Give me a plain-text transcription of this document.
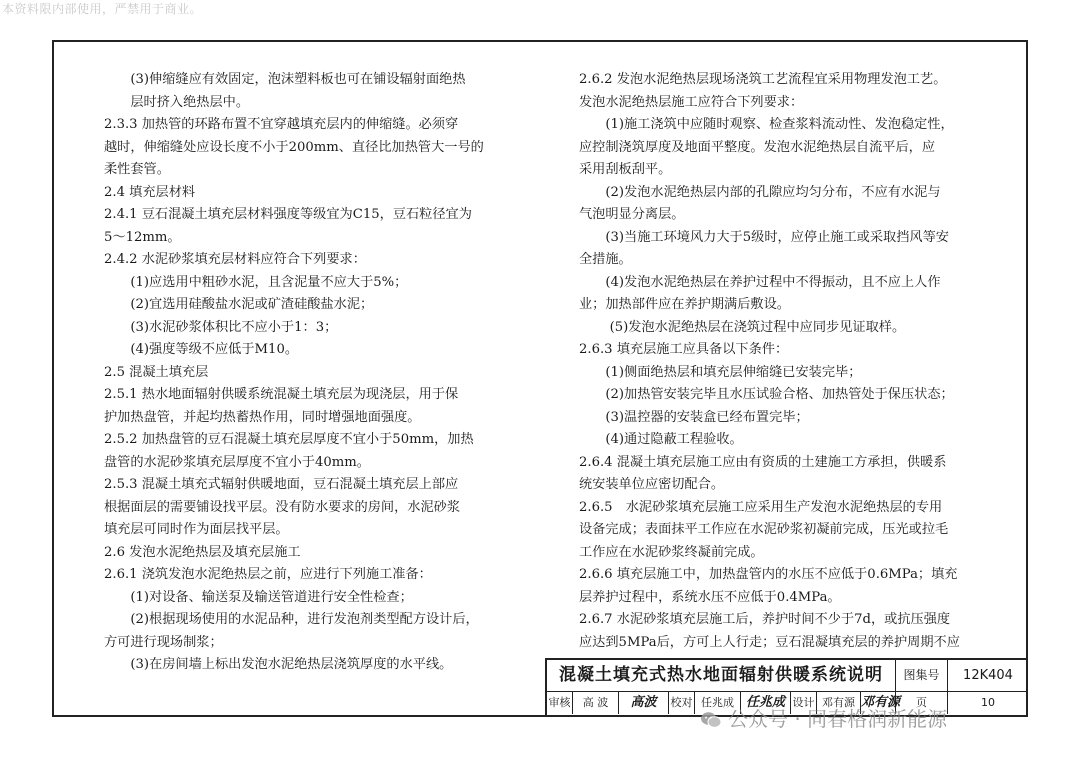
本资料限内部使用，严禁用于商业。
　　(3)伸缩缝应有效固定，泡沫塑料板也可在铺设辐射面绝热
　　层时挤入绝热层中。
2.3.3 加热管的环路布置不宜穿越填充层内的伸缩缝。必须穿
越时，伸缩缝处应设长度不小于200mm、直径比加热管大一号的
柔性套管。
2.4 填充层材料
2.4.1 豆石混凝土填充层材料强度等级宜为C15，豆石粒径宜为
5～12mm。
2.4.2 水泥砂浆填充层材料应符合下列要求：
　　(1)应选用中粗砂水泥，且含泥量不应大于5%；
　　(2)宜选用硅酸盐水泥或矿渣硅酸盐水泥；
　　(3)水泥砂浆体积比不应小于1：3；
　　(4)强度等级不应低于M10。
2.5 混凝土填充层
2.5.1 热水地面辐射供暖系统混凝土填充层为现浇层，用于保
护加热盘管，并起均热蓄热作用，同时增强地面强度。
2.5.2 加热盘管的豆石混凝土填充层厚度不宜小于50mm，加热
盘管的水泥砂浆填充层厚度不宜小于40mm。
2.5.3 混凝土填充式辐射供暖地面，豆石混凝土填充层上部应
根据面层的需要铺设找平层。没有防水要求的房间，水泥砂浆
填充层可同时作为面层找平层。
2.6 发泡水泥绝热层及填充层施工
2.6.1 浇筑发泡水泥绝热层之前，应进行下列施工准备：
　　(1)对设备、输送泵及输送管道进行安全性检查；
　　(2)根据现场使用的水泥品种，进行发泡剂类型配方设计后，
方可进行现场制浆；
　　(3)在房间墙上标出发泡水泥绝热层浇筑厚度的水平线。
2.6.2 发泡水泥绝热层现场浇筑工艺流程宜采用物理发泡工艺。
发泡水泥绝热层施工应符合下列要求：
　　(1)施工浇筑中应随时观察、检查浆料流动性、发泡稳定性，
应控制浇筑厚度及地面平整度。发泡水泥绝热层自流平后，应
采用刮板刮平。
　　(2)发泡水泥绝热层内部的孔隙应均匀分布，不应有水泥与
气泡明显分离层。
　　(3)当施工环境风力大于5级时，应停止施工或采取挡风等安
全措施。
　　(4)发泡水泥绝热层在养护过程中不得振动，且不应上人作
业；加热部件应在养护期满后敷设。
　　 (5)发泡水泥绝热层在浇筑过程中应同步见证取样。
2.6.3 填充层施工应具备以下条件：
　　(1)侧面绝热层和填充层伸缩缝已安装完毕；
　　(2)加热管安装完毕且水压试验合格、加热管处于保压状态；
　　(3)温控器的安装盒已经布置完毕；
　　(4)通过隐蔽工程验收。
2.6.4 混凝土填充层施工应由有资质的土建施工方承担，供暖系
统安装单位应密切配合。
2.6.5　水泥砂浆填充层施工应采用生产发泡水泥绝热层的专用
设备完成；表面抹平工作应在水泥砂浆初凝前完成，压光或拉毛
工作应在水泥砂浆终凝前完成。
2.6.6 填充层施工中，加热盘管内的水压不应低于0.6MPa；填充
层养护过程中，系统水压不应低于0.4MPa。
2.6.7 水泥砂浆填充层施工后，养护时间不少于7d，或抗压强度
应达到5MPa后，方可上人行走；豆石混凝填充层的养护周期不应
混凝土填充式热水地面辐射供暖系统说明	图集号	12K404
审核	高 波	高波	校对 任兆成 任兆成 设计 邓有源 邓有源	页	10
公众号 · 同春格润新能源
